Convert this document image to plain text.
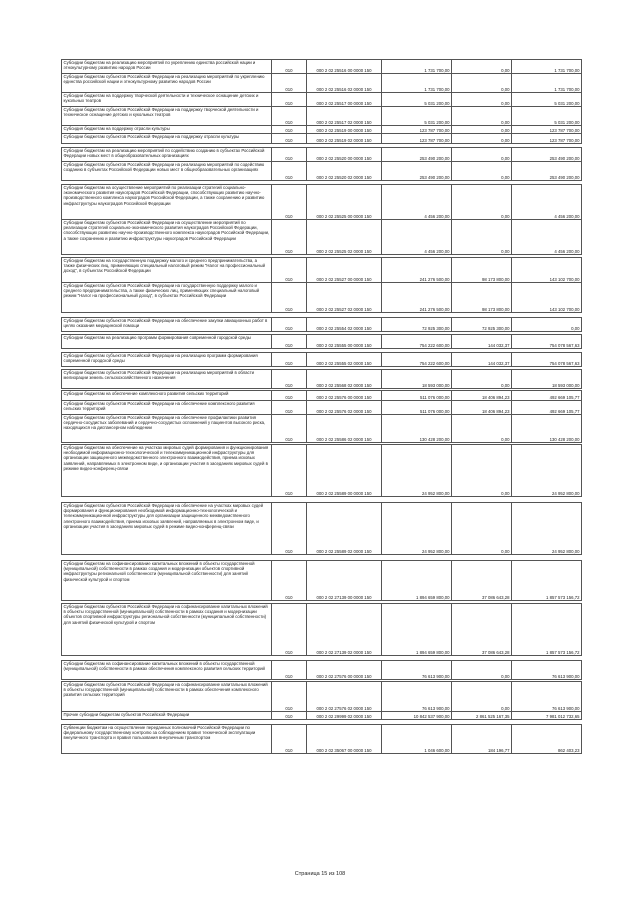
Субсидии бюджетам на реализацию мероприятий по укреплению единства российской нации и этнокультурному развитию народов России	010	000 2 02 25516 00 0000 150	1 731 700,00	0,00	1 731 700,00
Субсидии бюджетам субъектов Российской Федерации на реализацию мероприятий по укреплению единства российской нации и этнокультурному развитию народов России	010	000 2 02 25516 02 0000 150	1 731 700,00	0,00	1 731 700,00
Субсидии бюджетам на поддержку творческой деятельности и техническое оснащение детских и кукольных театров	010	000 2 02 25517 00 0000 150	5 031 200,00	0,00	5 031 200,00
Субсидии бюджетам субъектов Российской Федерации на поддержку творческой деятельности и техническое оснащение детских и кукольных театров	010	000 2 02 25517 02 0000 150	5 031 200,00	0,00	5 031 200,00
Субсидия бюджетам на поддержку отрасли культуры	010	000 2 02 25519 00 0000 150	123 787 700,00	0,00	123 787 700,00
Субсидии бюджетам субъектов Российской Федерации на поддержку отрасли культуры	010	000 2 02 25519 02 0000 150	123 787 700,00	0,00	123 787 700,00

Субсидии бюджетам на реализацию мероприятий по содействию созданию в субъектах Российской Федерации новых мест в общеобразовательных организациях	010	000 2 02 25520 00 0000 150	253 490 200,00	0,00	253 490 200,00
Субсидии бюджетам субъектов Российской Федерации на реализацию мероприятий по содействию созданию в субъектах Российской Федерации новых мест в общеобразовательных организациях	010	000 2 02 25520 02 0000 150	253 490 200,00	0,00	253 490 200,00

Субсидии бюджетам на осуществление мероприятий по реализации стратегий социально-экономического развития наукоградов Российской Федерации, способствующих развитию научно-производственного комплекса наукоградов Российской Федерации, а также сохранению и развитию инфраструктуры наукоградов Российской Федерации	010	000 2 02 25525 00 0000 150	4 456 200,00	0,00	4 456 200,00
Субсидии бюджетам субъектов Российской Федерации на осуществление мероприятий по реализации стратегий социально-экономического развития наукоградов Российской Федерации, способствующих развитию научно-производственного комплекса наукоградов Российской Федерации, а также сохранению и развитию инфраструктуры наукоградов Российской Федерации	010	000 2 02 25525 02 0000 150	4 456 200,00	0,00	4 456 200,00

Субсидии бюджетам на государственную поддержку малого и среднего предпринимательства, а также физических лиц, применяющих специальный налоговый режим "Налог на профессиональный доход", в субъектах Российской Федерации	010	000 2 02 25527 00 0000 150	241 276 500,00	98 173 800,00	143 102 700,00
Субсидии бюджетам субъектов Российской Федерации на государственную поддержку малого и среднего предпринимательства, а также физических лиц, применяющих специальный налоговый режим "Налог на профессиональный доход", в субъектах Российской Федерации	010	000 2 02 25527 02 0000 150	241 276 500,00	98 173 800,00	143 102 700,00

Субсидии бюджетам субъектов Российской Федерации на обеспечение закупки авиационных работ в целях оказания медицинской помощи	010	000 2 02 25554 02 0000 150	72 925 300,00	72 925 300,00	0,00

Субсидии бюджетам на реализацию программ формирования современной городской среды	010	000 2 02 25555 00 0000 150	754 222 600,00	144 032,37	754 078 567,63

Субсидии бюджетам субъектов Российской Федерации на реализацию программ формирования современной городской среды	010	000 2 02 25555 02 0000 150	754 222 600,00	144 032,37	754 078 567,63

Субсидии бюджетам субъектов Российской Федерации на реализацию мероприятий в области мелиорации земель сельскохозяйственного назначения	010	000 2 02 25568 02 0000 150	18 593 000,00	0,00	18 593 000,00

Субсидии бюджетам на обеспечение комплексного развития сельских территорий	010	000 2 02 25576 00 0000 150	511 076 000,00	18 406 894,23	492 669 105,77
Субсидии бюджетам субъектов Российской Федерации на обеспечение комплексного развития сельских территорий	010	000 2 02 25576 02 0000 150	511 076 000,00	18 406 894,23	492 669 105,77
Субсидии бюджетам субъектов Российской Федерации на обеспечение профилактики развития сердечно-сосудистых заболеваний и сердечно-сосудистых осложнений у пациентов высокого риска, находящихся на диспансерном наблюдении	010	000 2 02 25586 02 0000 150	130 428 200,00	0,00	130 428 200,00

Субсидии бюджетам на обеспечение на участках мировых судей формирования и функционирования необходимой информационно-технологической и телекоммуникационной инфраструктуры для организации защищенного межведомственного электронного взаимодействия, приема исковых заявлений, направляемых в электронном виде, и организации участия в заседаниях мировых судей в режиме видео-конференц-связи	010	000 2 02 25589 00 0000 150	24 952 800,00	0,00	24 952 800,00

Субсидии бюджетам субъектов Российской Федерации на обеспечение на участках мировых судей формирования и функционирования необходимой информационно-технологической и телекоммуникационной инфраструктуры для организации защищенного межведомственного электронного взаимодействия, приема исковых заявлений, направляемых в электронном виде, и организации участия в заседаниях мировых судей в режиме видео-конференц-связи	010	000 2 02 25589 02 0000 150	24 952 800,00	0,00	24 952 800,00

Субсидии бюджетам на софинансирование капитальных вложений в объекты государственной (муниципальной) собственности в рамках создания и модернизации объектов спортивной инфраструктуры региональной собственности (муниципальной собственности) для занятий физической культурой и спортом	010	000 2 02 27139 00 0000 150	1 894 659 800,00	37 086 643,28	1 857 573 156,72

Субсидии бюджетам субъектов Российской Федерации на софинансирование капитальных вложений в объекты государственной (муниципальной) собственности в рамках создания и модернизации объектов спортивной инфраструктуры региональной собственности (муниципальной собственности) для занятий физической культурой и спортом	010	000 2 02 27139 02 0000 150	1 894 659 800,00	37 086 643,28	1 857 573 156,72

Субсидии бюджетам на софинансирование капитальных вложений в объекты государственной (муниципальной) собственности в рамках обеспечения комплексного развития сельских территорий	010	000 2 02 27576 00 0000 150	76 613 900,00	0,00	76 613 900,00

Субсидии бюджетам субъектов Российской Федерации на софинансирование капитальных вложений в объекты государственной (муниципальной) собственности в рамках обеспечения комплексного развития сельских территорий	010	000 2 02 27576 02 0000 150	76 613 900,00	0,00	76 613 900,00
Прочие субсидии бюджетам субъектов Российской Федерации	010	000 2 02 29999 02 0000 150	10 842 537 900,00	2 861 525 167,35	7 981 012 732,65

Субвенции бюджетам на осуществление переданных полномочий Российской Федерации по федеральному государственному контролю за соблюдением правил технической эксплуатации внеуличного транспорта и правил пользования внеуличным транспортом	010	000 2 02 35067 00 0000 150	1 046 600,00	184 196,77	862 403,23
Страница 15 из 108
